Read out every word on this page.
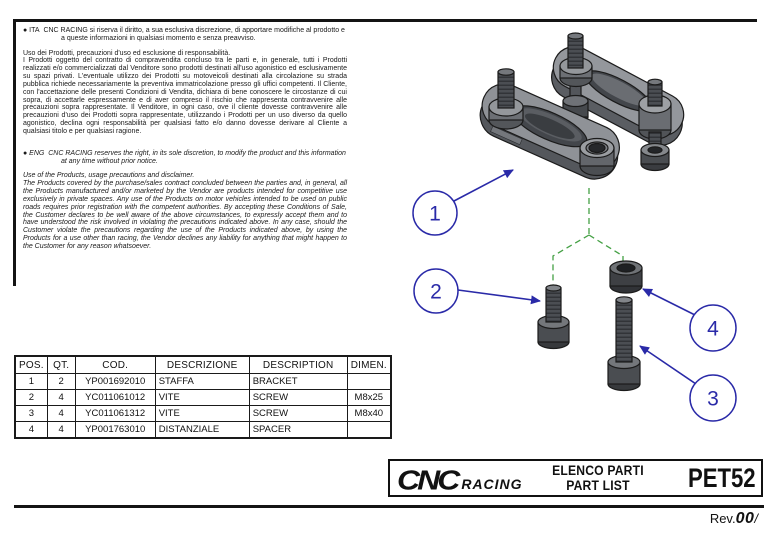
● ITA CNC RACING si riserva il diritto, a sua esclusiva discrezione, di apportare modifiche al prodotto e a queste informazioni in qualsiasi momento e senza preavviso.

Uso dei Prodotti, precauzioni d'uso ed esclusione di responsabilità.

I Prodotti oggetto del contratto di compravendita concluso tra le parti e, in generale, tutti i Prodotti realizzati e/o commercializzati dal Venditore sono prodotti destinati all'uso agonistico ed esclusivamente su spazi privati. L'eventuale utilizzo dei Prodotti su motoveicoli destinati alla circolazione su strada pubblica richiede necessariamente la preventiva immatricolazione presso gli uffici competenti. Il Cliente, con l'accettazione delle presenti Condizioni di Vendita, dichiara di bene conoscere le circostanze di cui sopra, di accettarle espressamente e di aver compreso il rischio che rappresenta contravvenire alle precauzioni sopra rappresentate. Il Venditore, in ogni caso, ove il cliente dovesse contravvenire alle precauzioni d'uso dei Prodotti sopra rappresentate, utilizzando i Prodotti per un uso diverso da quello agonistico, declina ogni responsabilità per qualsiasi fatto e/o danno dovesse derivare al Cliente a qualsiasi titolo e per qualsiasi ragione.

● ENG CNC RACING reserves the right, in its sole discretion, to modify the product and this information at any time without prior notice.

Use of the Products, usage precautions and disclaimer.

The Products covered by the purchase/sales contract concluded between the parties and, in general, all the Products manufactured and/or marketed by the Vendor are products intended for competitive use exclusively in private spaces. Any use of the Products on motor vehicles intended to be used on public roads requires prior registration with the competent authorities. By accepting these Conditions of Sale, the Customer declares to be well aware of the above circumstances, to expressly accept them and to have understood the risk involved in violating the precautions indicated above. In any case, should the Customer violate the precautions regarding the use of the Products indicated above, by using the Products for a use other than racing, the Vendor declines any liability for anything that might happen to the Customer for any reason whatsoever.

POS.	QT.	COD.	DESCRIZIONE	DESCRIPTION	DIMEN.
1	2	YP001692010	STAFFA	BRACKET	
2	4	YC011061012	VITE	SCREW	M8x25
3	4	YC011061312	VITE	SCREW	M8x40
4	4	YP001763010	DISTANZIALE	SPACER	
1
2
3
4
CNC RACING
ELENCO PARTI
PART LIST	PET52
Rev.00/
